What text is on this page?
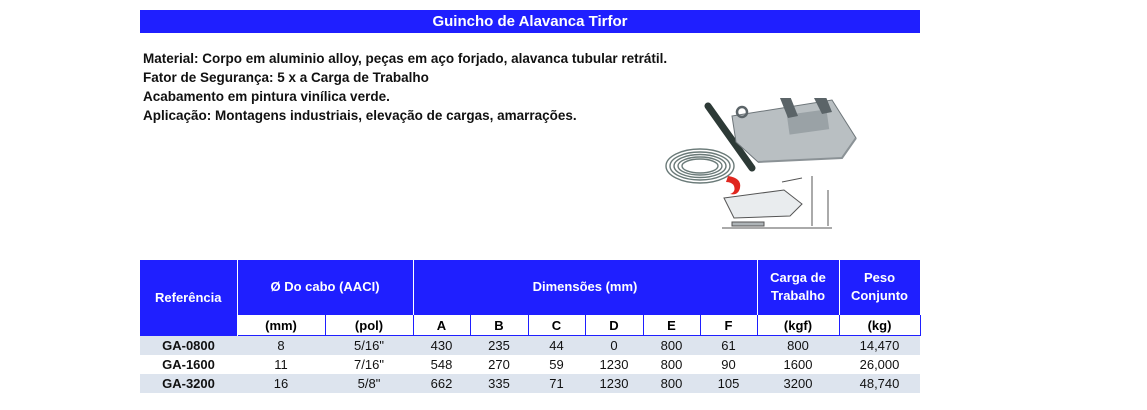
Guincho de Alavanca Tirfor
Material: Corpo em aluminio alloy, peças em aço forjado, alavanca tubular retrátil.
Fator de Segurança: 5 x a Carga de Trabalho
Acabamento em pintura vinílica verde.
Aplicação: Montagens industriais, elevação de cargas, amarrações.
Referência	Ø Do cabo (AACI)		Dimensões (mm)						Carga de Trabalho	Peso Conjunto
	(mm)	(pol)	A	B	C	D	E	F	(kgf)	(kg)
GA-0800	8	5/16"	430	235	44	0	800	61	800	14,470
GA-1600	11	7/16"	548	270	59	1230	800	90	1600	26,000
GA-3200	16	5/8"	662	335	71	1230	800	105	3200	48,740
